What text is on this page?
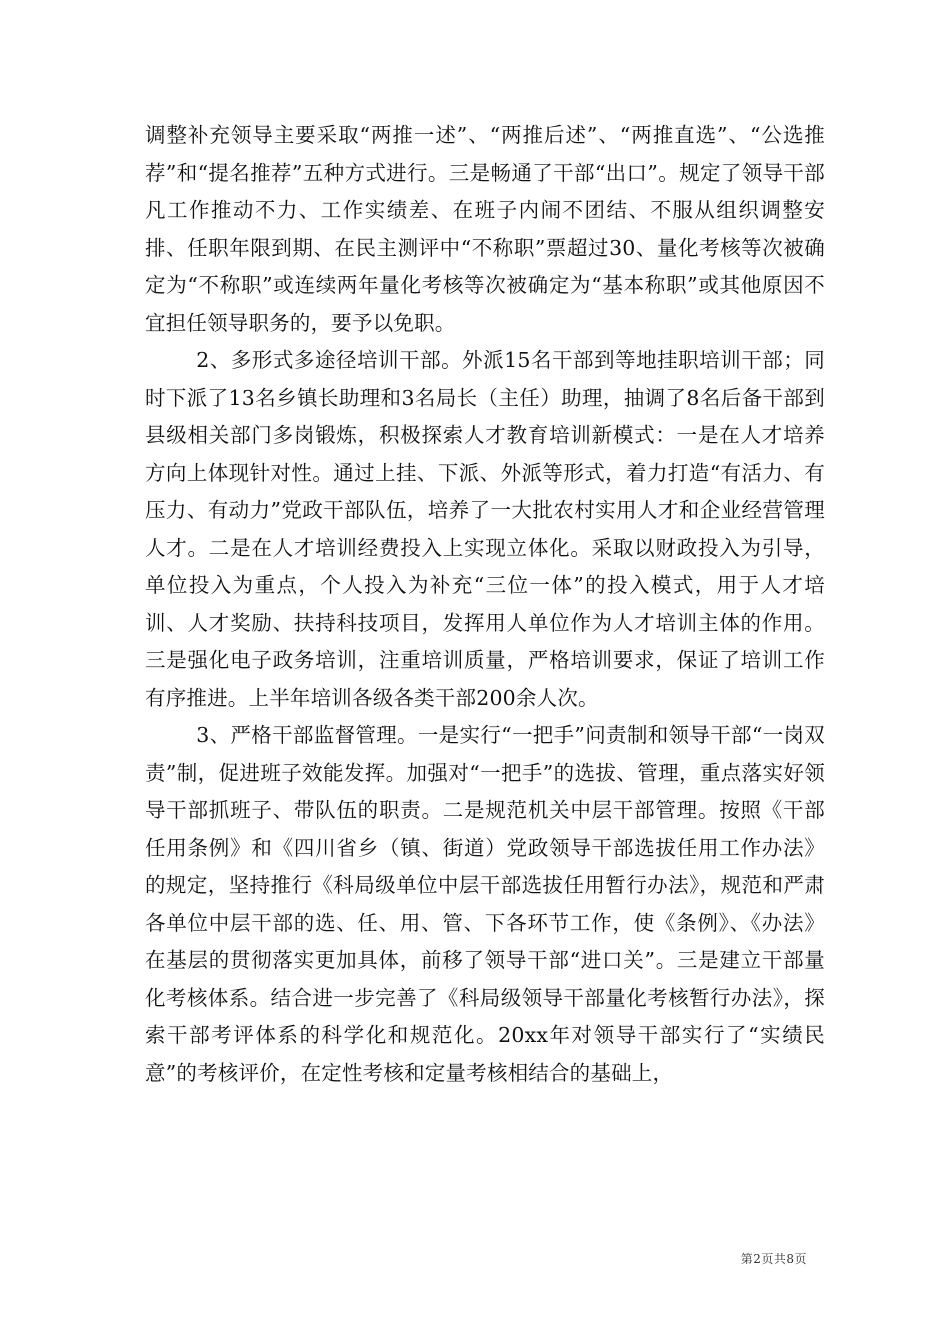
调整补充领导主要采取“两推一述”、“两推后述”、“两推直选”、“公选推荐”和“提名推荐”五种方式进行。三是畅通了干部“出口”。规定了领导干部凡工作推动不力、工作实绩差、在班子内闹不团结、不服从组织调整安排、任职年限到期、在民主测评中“不称职”票超过30、量化考核等次被确定为“不称职”或连续两年量化考核等次被确定为“基本称职”或其他原因不宜担任领导职务的，要予以免职。

2、多形式多途径培训干部。外派15名干部到等地挂职培训干部；同时下派了13名乡镇长助理和3名局长（主任）助理，抽调了8名后备干部到县级相关部门多岗锻炼，积极探索人才教育培训新模式：一是在人才培养方向上体现针对性。通过上挂、下派、外派等形式，着力打造“有活力、有压力、有动力”党政干部队伍，培养了一大批农村实用人才和企业经营管理人才。二是在人才培训经费投入上实现立体化。采取以财政投入为引导，单位投入为重点，个人投入为补充“三位一体”的投入模式，用于人才培训、人才奖励、扶持科技项目，发挥用人单位作为人才培训主体的作用。三是强化电子政务培训，注重培训质量，严格培训要求，保证了培训工作有序推进。上半年培训各级各类干部200余人次。

3、严格干部监督管理。一是实行“一把手”问责制和领导干部“一岗双责”制，促进班子效能发挥。加强对“一把手”的选拔、管理，重点落实好领导干部抓班子、带队伍的职责。二是规范机关中层干部管理。按照《干部任用条例》和《四川省乡（镇、街道）党政领导干部选拔任用工作办法》的规定，坚持推行《科局级单位中层干部选拔任用暂行办法》，规范和严肃各单位中层干部的选、任、用、管、下各环节工作，使《条例》、《办法》在基层的贯彻落实更加具体，前移了领导干部“进口关”。三是建立干部量化考核体系。结合进一步完善了《科局级领导干部量化考核暂行办法》，探索干部考评体系的科学化和规范化。20xx年对领导干部实行了“实绩民意”的考核评价，在定性考核和定量考核相结合的基础上，

第2页共8页
